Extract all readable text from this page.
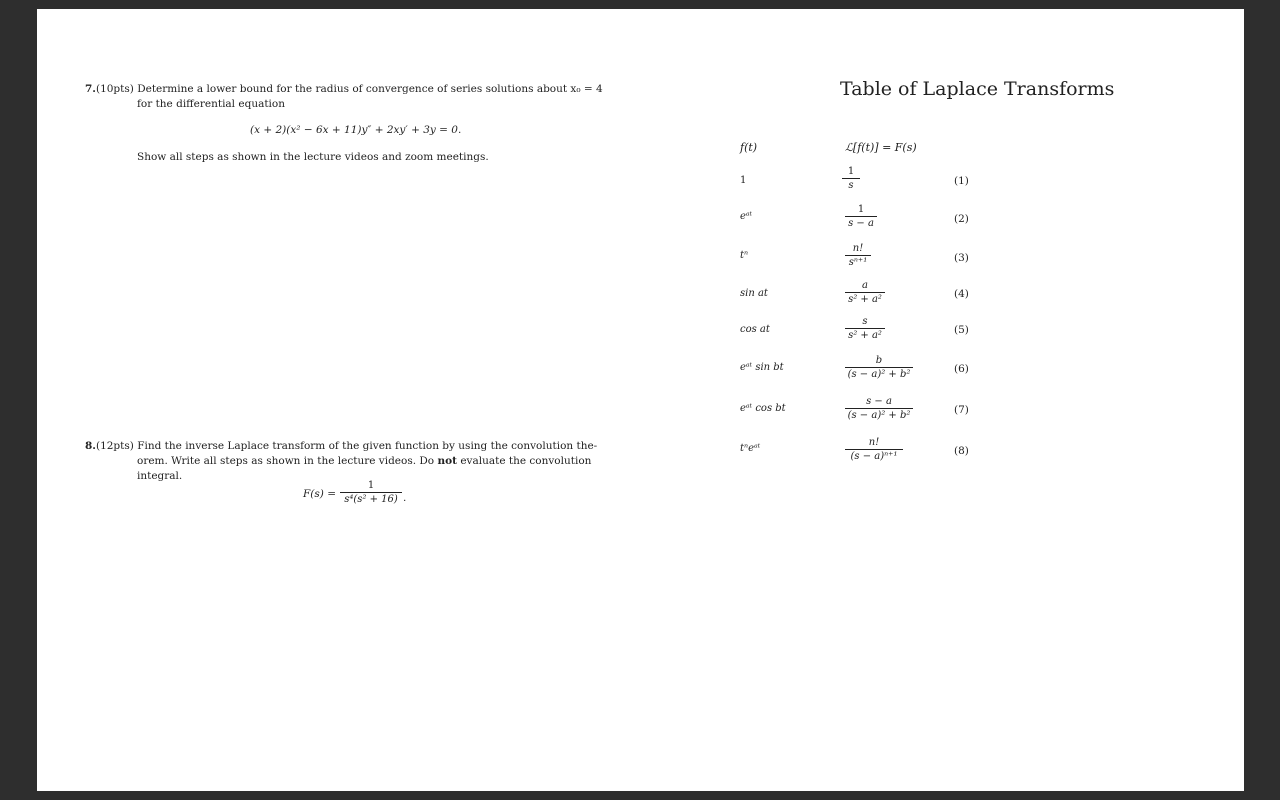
7.(10pts) Determine a lower bound for the radius of convergence of series solutions about x₀ = 4
for the differential equation
(x + 2)(x² − 6x + 11)y″ + 2xy′ + 3y = 0.
Show all steps as shown in the lecture videos and zoom meetings.
8.(12pts) Find the inverse Laplace transform of the given function by using the convolution the-
orem. Write all steps as shown in the lecture videos. Do not evaluate the convolution
integral.
$F(s) = \frac{1}{\text{s⁴(s² + 16)}}$ .
Table of Laplace Transforms
f(t)	ℒ[f(t)] = F(s)
1	$\frac{1}{s}$	(1)
eᵃᵗ	$\frac{1}{s - a}$	(2)
tⁿ	$\frac{n!}{\text{sⁿ⁺¹}}$	(3)
sin at	$\frac{a}{\text{s² + a²}}$	(4)
cos at	$\frac{s}{\text{s² + a²}}$	(5)
eᵃᵗ sin bt	$\frac{b}{\text{(s − a)² + b²}}$	(6)
eᵃᵗ cos bt	$\frac{s - a}{\text{(s − a)² + b²}}$	(7)
tⁿeᵃᵗ	$\frac{n!}{\text{(s − a)ⁿ⁺¹}}$	(8)
